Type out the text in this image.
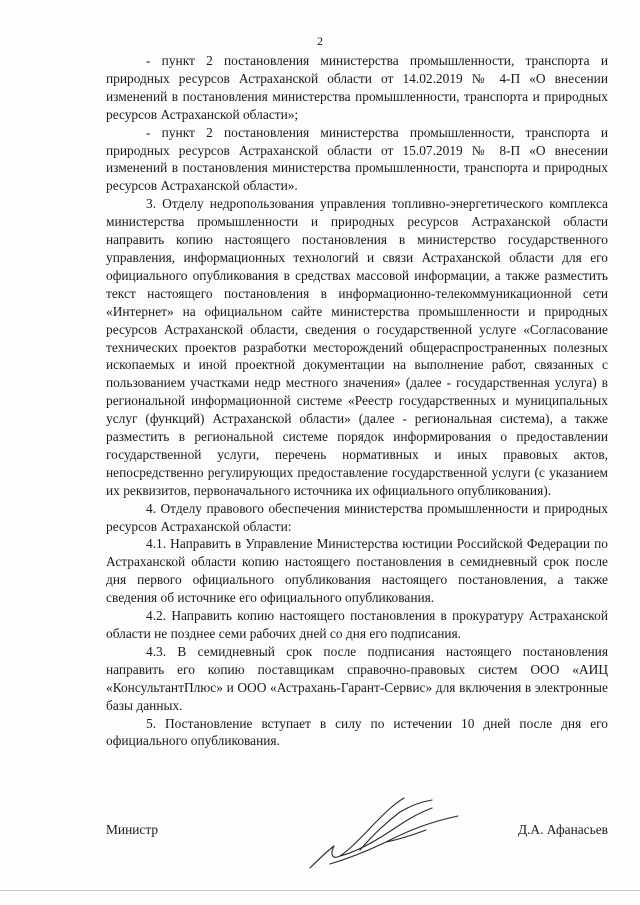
2

- пункт 2 постановления министерства промышленности, транспорта и природных ресурсов Астраханской области от 14.02.2019 № 4-П «О внесении изменений в постановления министерства промышленности, транспорта и природных ресурсов Астраханской области»;

- пункт 2 постановления министерства промышленности, транспорта и природных ресурсов Астраханской области от 15.07.2019 № 8-П «О внесении изменений в постановления министерства промышленности, транспорта и природных ресурсов Астраханской области».

3. Отделу недропользования управления топливно-энергетического комплекса министерства промышленности и природных ресурсов Астраханской области направить копию настоящего постановления в министерство государственного управления, информационных технологий и связи Астраханской области для его официального опубликования в средствах массовой информации, а также разместить текст настоящего постановления в информационно-телекоммуникационной сети «Интернет» на официальном сайте министерства промышленности и природных ресурсов Астраханской области, сведения о государственной услуге «Согласование технических проектов разработки месторождений общераспространенных полезных ископаемых и иной проектной документации на выполнение работ, связанных с пользованием участками недр местного значения» (далее - государственная услуга) в региональной информационной системе «Реестр государственных и муниципальных услуг (функций) Астраханской области» (далее - региональная система), а также разместить в региональной системе порядок информирования о предоставлении государственной услуги, перечень нормативных и иных правовых актов, непосредственно регулирующих предоставление государственной услуги (с указанием их реквизитов, первоначального источника их официального опубликования).

4. Отделу правового обеспечения министерства промышленности и природных ресурсов Астраханской области:

4.1. Направить в Управление Министерства юстиции Российской Федерации по Астраханской области копию настоящего постановления в семидневный срок после дня первого официального опубликования настоящего постановления, а также сведения об источнике его официального опубликования.

4.2. Направить копию настоящего постановления в прокуратуру Астраханской области не позднее семи рабочих дней со дня его подписания.

4.3. В семидневный срок после подписания настоящего постановления направить его копию поставщикам справочно-правовых систем ООО «АИЦ «КонсультантПлюс» и ООО «Астрахань-Гарант-Сервис» для включения в электронные базы данных.

5. Постановление вступает в силу по истечении 10 дней после дня его официального опубликования.

Министр	Д.А. Афанасьев
